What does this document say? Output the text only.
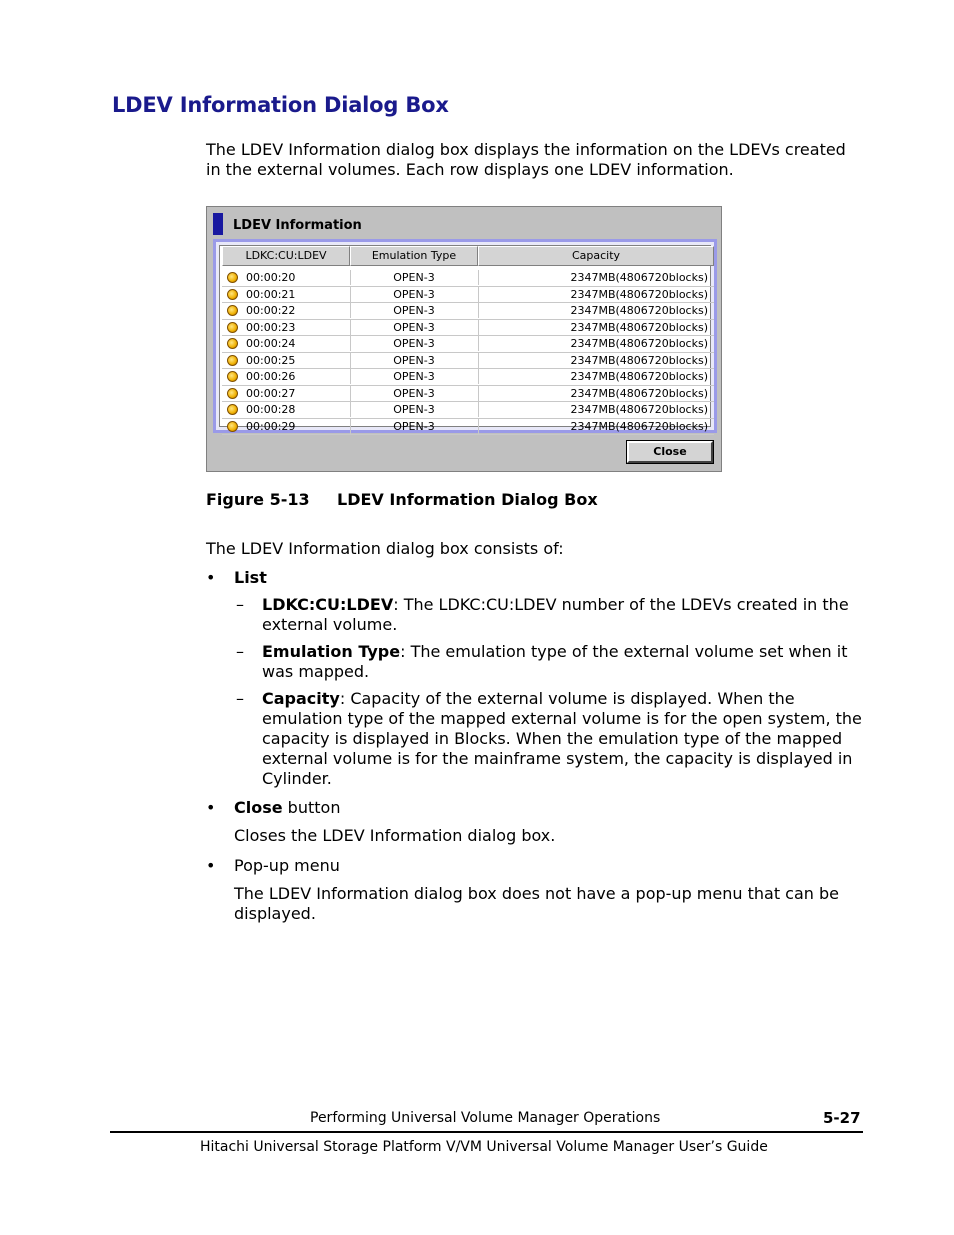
LDEV Information Dialog Box
The LDEV Information dialog box displays the information on the LDEVs created in the external volumes. Each row displays one LDEV information.
LDEV Information
LDKC:CU:LDEV	Emulation Type	Capacity
00:00:20	OPEN-3	2347MB(4806720blocks)
00:00:21	OPEN-3	2347MB(4806720blocks)
00:00:22	OPEN-3	2347MB(4806720blocks)
00:00:23	OPEN-3	2347MB(4806720blocks)
00:00:24	OPEN-3	2347MB(4806720blocks)
00:00:25	OPEN-3	2347MB(4806720blocks)
00:00:26	OPEN-3	2347MB(4806720blocks)
00:00:27	OPEN-3	2347MB(4806720blocks)
00:00:28	OPEN-3	2347MB(4806720blocks)
00:00:29	OPEN-3	2347MB(4806720blocks)
Close
Figure 5-13 LDEV Information Dialog Box
The LDEV Information dialog box consists of:
• List
– LDKC:CU:LDEV: The LDKC:CU:LDEV number of the LDEVs created in the external volume.
– Emulation Type: The emulation type of the external volume set when it was mapped.
– Capacity: Capacity of the external volume is displayed. When the emulation type of the mapped external volume is for the open system, the capacity is displayed in Blocks. When the emulation type of the mapped external volume is for the mainframe system, the capacity is displayed in Cylinder.
• Close button
Closes the LDEV Information dialog box.
• Pop-up menu
The LDEV Information dialog box does not have a pop-up menu that can be displayed.
Performing Universal Volume Manager Operations	5-27
Hitachi Universal Storage Platform V/VM Universal Volume Manager User’s Guide
